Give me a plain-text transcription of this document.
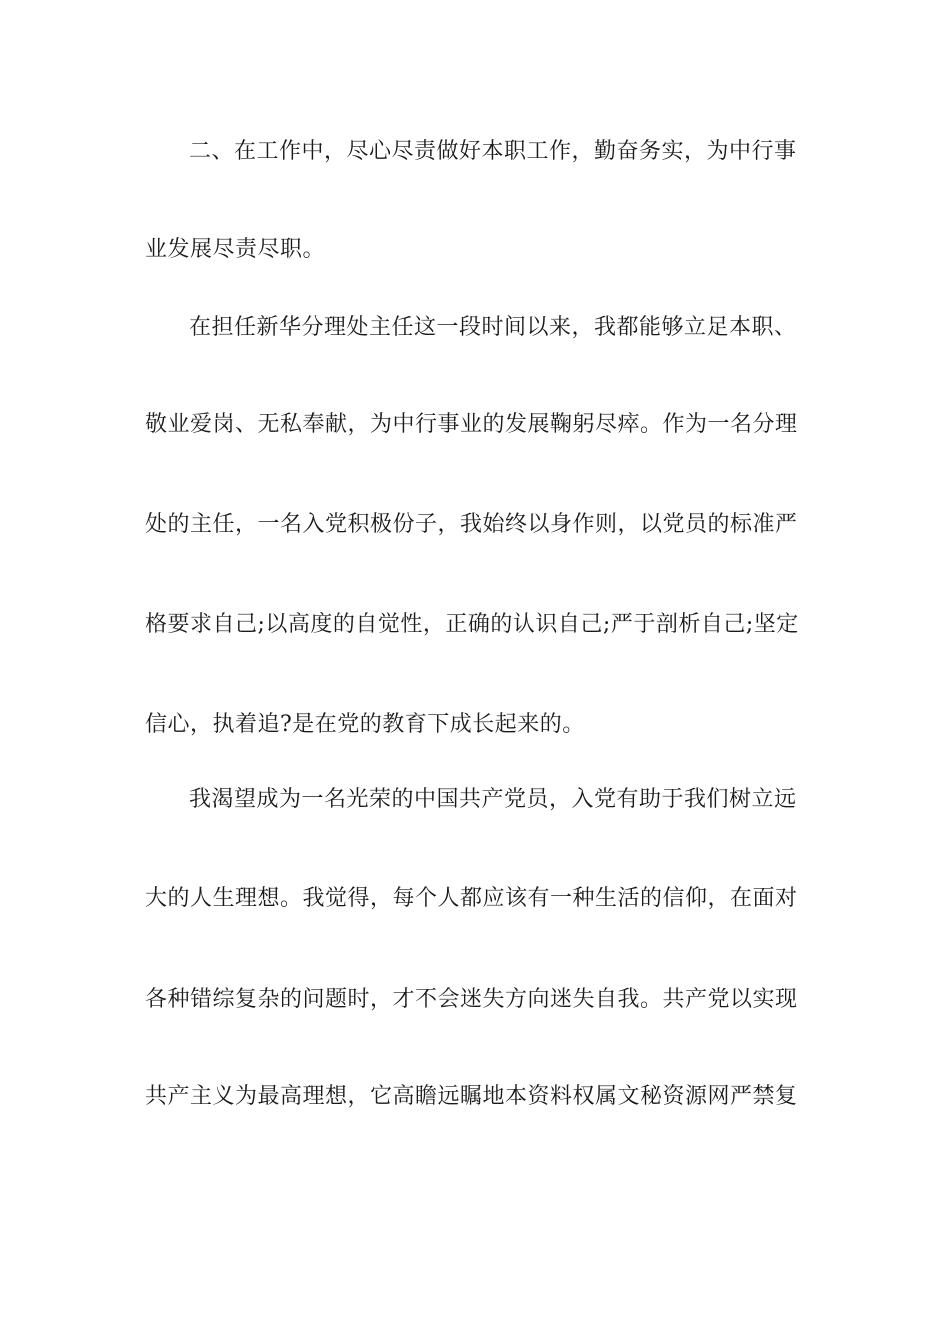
二、在工作中，尽心尽责做好本职工作，勤奋务实，为中行事
业发展尽责尽职。
在担任新华分理处主任这一段时间以来，我都能够立足本职、
敬业爱岗、无私奉献，为中行事业的发展鞠躬尽瘁。作为一名分理
处的主任，一名入党积极份子，我始终以身作则，以党员的标准严
格要求自己;以高度的自觉性，正确的认识自己;严于剖析自己;坚定
信心，执着追?是在党的教育下成长起来的。
我渴望成为一名光荣的中国共产党员，入党有助于我们树立远
大的人生理想。我觉得，每个人都应该有一种生活的信仰，在面对
各种错综复杂的问题时，才不会迷失方向迷失自我。共产党以实现
共产主义为最高理想，它高瞻远瞩地本资料权属文秘资源网严禁复
